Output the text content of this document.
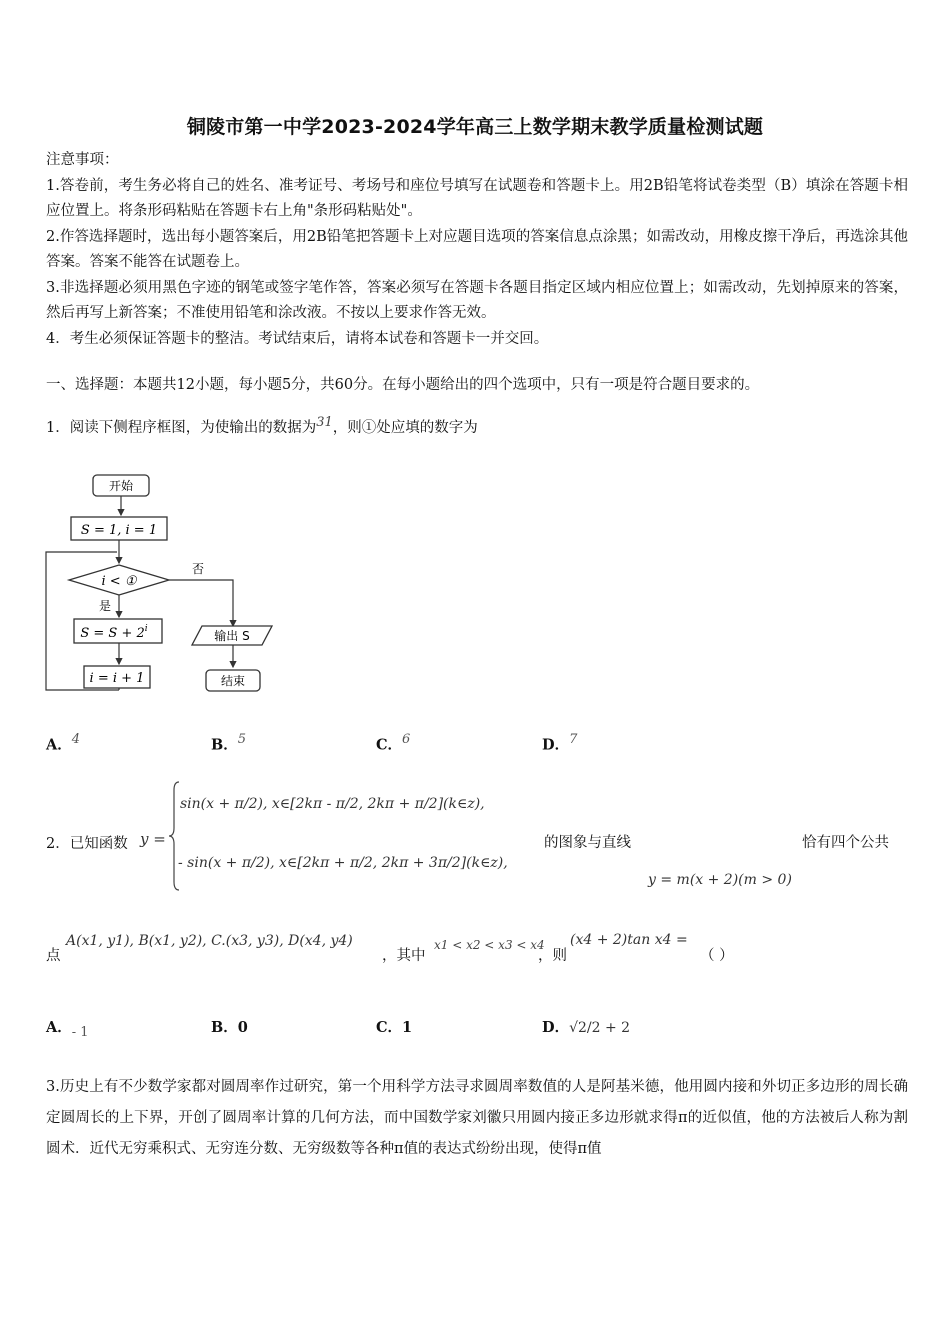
铜陵市第一中学2023-2024学年高三上数学期末教学质量检测试题

注意事项：

1.答卷前，考生务必将自己的姓名、准考证号、考场号和座位号填写在试题卷和答题卡上。用2B铅笔将试卷类型（B）填涂在答题卡相应位置上。将条形码粘贴在答题卡右上角"条形码粘贴处"。

2.作答选择题时，选出每小题答案后，用2B铅笔把答题卡上对应题目选项的答案信息点涂黑；如需改动，用橡皮擦干净后，再选涂其他答案。答案不能答在试题卷上。

3.非选择题必须用黑色字迹的钢笔或签字笔作答，答案必须写在答题卡各题目指定区域内相应位置上；如需改动，先划掉原来的答案，然后再写上新答案；不准使用铅笔和涂改液。不按以上要求作答无效。

4．考生必须保证答题卡的整洁。考试结束后，请将本试卷和答题卡一并交回。

一、选择题：本题共12小题，每小题5分，共60分。在每小题给出的四个选项中，只有一项是符合题目要求的。
1．阅读下侧程序框图，为使输出的数据为$^{31}$，则①处应填的数字为
开始
S = 1, i = 1
i < ①
否
是
$S = S + 2^i$
i = i + 1
输出 S
结束
A．$^4$	B．$^5$	C．$^6$	D．$^7$
2．已知函数 y =
sin(x + π/2), x∈[2kπ - π/2, 2kπ + π/2](k∈z),
- sin(x + π/2), x∈[2kπ + π/2, 2kπ + 3π/2](k∈z),
的图象与直线
y = m(x + 2)(m > 0)
恰有四个公共
点
A(x1, y1), B(x1, y2), C.(x3, y3), D(x4, y4)
，其中
x1 < x2 < x3 < x4
，则
(x4 + 2)tan x4 =
（ ）
A．$_{- 1}$	B．0	C．1	D．√2/2 + 2
3.历史上有不少数学家都对圆周率作过研究，第一个用科学方法寻求圆周率数值的人是阿基米德，他用圆内接和外切正多边形的周长确定圆周长的上下界，开创了圆周率计算的几何方法，而中国数学家刘徽只用圆内接正多边形就求得π的近似值，他的方法被后人称为割圆术．近代无穷乘积式、无穷连分数、无穷级数等各种π值的表达式纷纷出现，使得π值
